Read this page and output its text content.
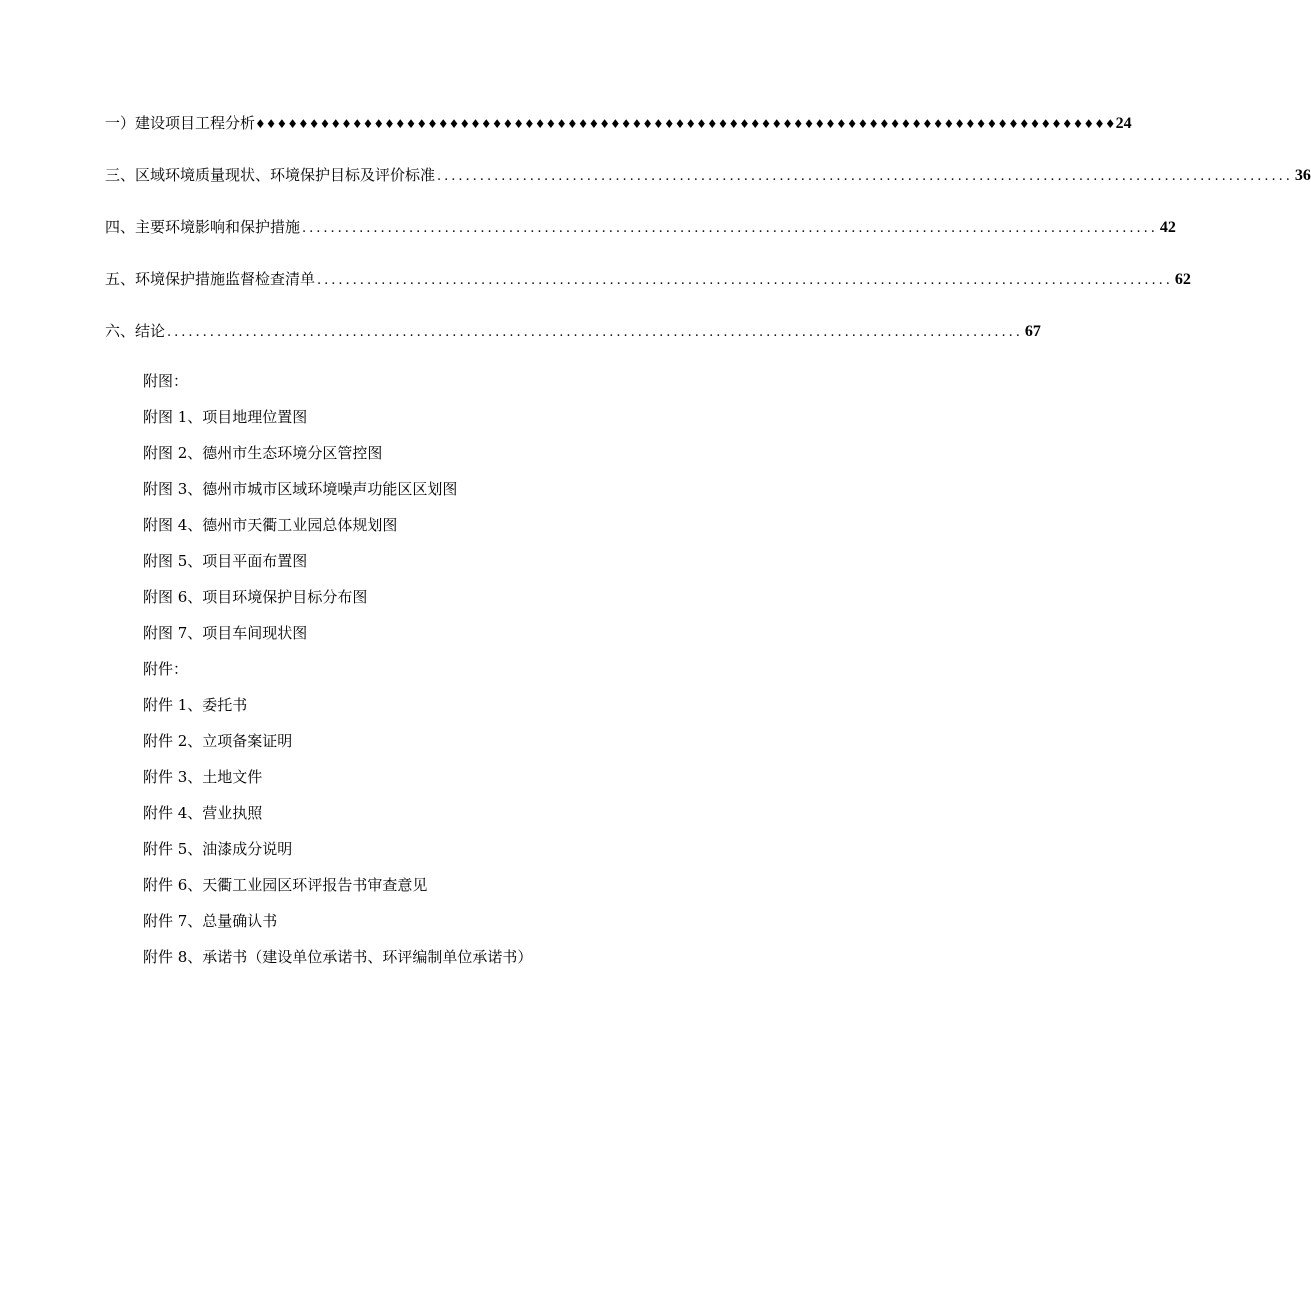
一）建设项目工程分析 ♦♦♦♦♦♦♦♦♦♦♦♦♦♦♦♦♦♦♦♦♦♦♦♦♦♦♦♦♦♦♦♦♦♦♦♦♦♦♦♦♦♦♦♦♦♦♦♦♦♦♦♦♦♦♦♦♦♦♦♦♦♦♦♦♦♦♦♦♦♦♦♦♦♦♦♦♦♦♦♦ 24
三、区域环境质量现状、环境保护目标及评价标准 ........................................................................................................................ 36
四、主要环境影响和保护措施 ........................................................................................................................ 42
五、环境保护措施监督检查清单 ........................................................................................................................ 62
六、结论 ........................................................................................................................ 67
附图：
附图 1、项目地理位置图
附图 2、德州市生态环境分区管控图
附图 3、德州市城市区域环境噪声功能区区划图
附图 4、德州市天衢工业园总体规划图
附图 5、项目平面布置图
附图 6、项目环境保护目标分布图
附图 7、项目车间现状图
附件：
附件 1、委托书
附件 2、立项备案证明
附件 3、土地文件
附件 4、营业执照
附件 5、油漆成分说明
附件 6、天衢工业园区环评报告书审查意见
附件 7、总量确认书
附件 8、承诺书（建设单位承诺书、环评编制单位承诺书）
